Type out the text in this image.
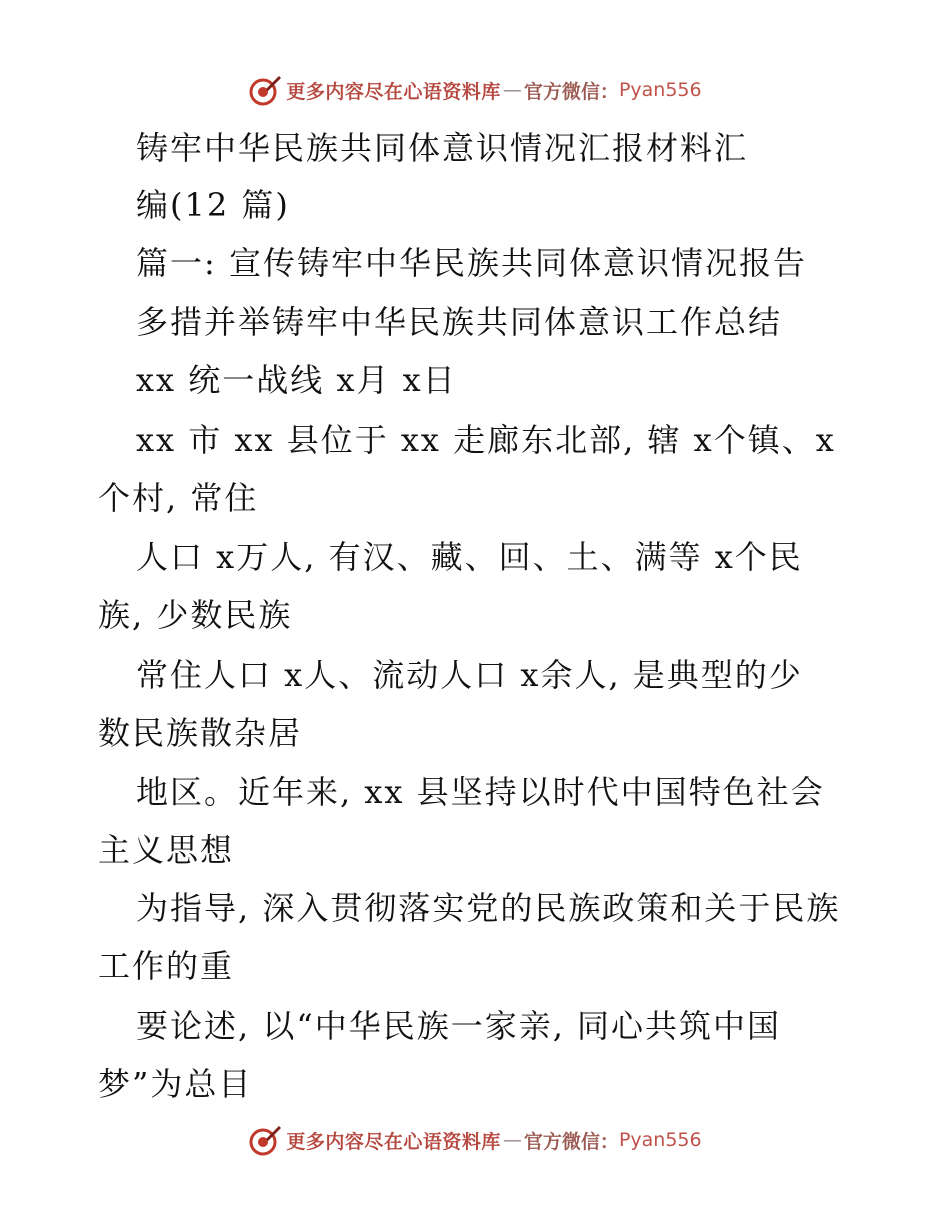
更多内容尽在心语资料库 — 官方微信： Pyan556
铸牢中华民族共同体意识情况汇报材料汇
编(12 篇)
篇一: 宣传铸牢中华民族共同体意识情况报告
多措并举铸牢中华民族共同体意识工作总结
xx 统一战线 x月 x日
xx 市 xx 县位于 xx 走廊东北部, 辖 x个镇、x
个村, 常住
人口 x万人, 有汉、藏、回、土、满等 x个民
族, 少数民族
常住人口 x人、流动人口 x余人, 是典型的少
数民族散杂居
地区。近年来, xx 县坚持以时代中国特色社会
主义思想
为指导, 深入贯彻落实党的民族政策和关于民族
工作的重
要论述, 以“中华民族一家亲, 同心共筑中国
梦”为总目
更多内容尽在心语资料库 — 官方微信： Pyan556
